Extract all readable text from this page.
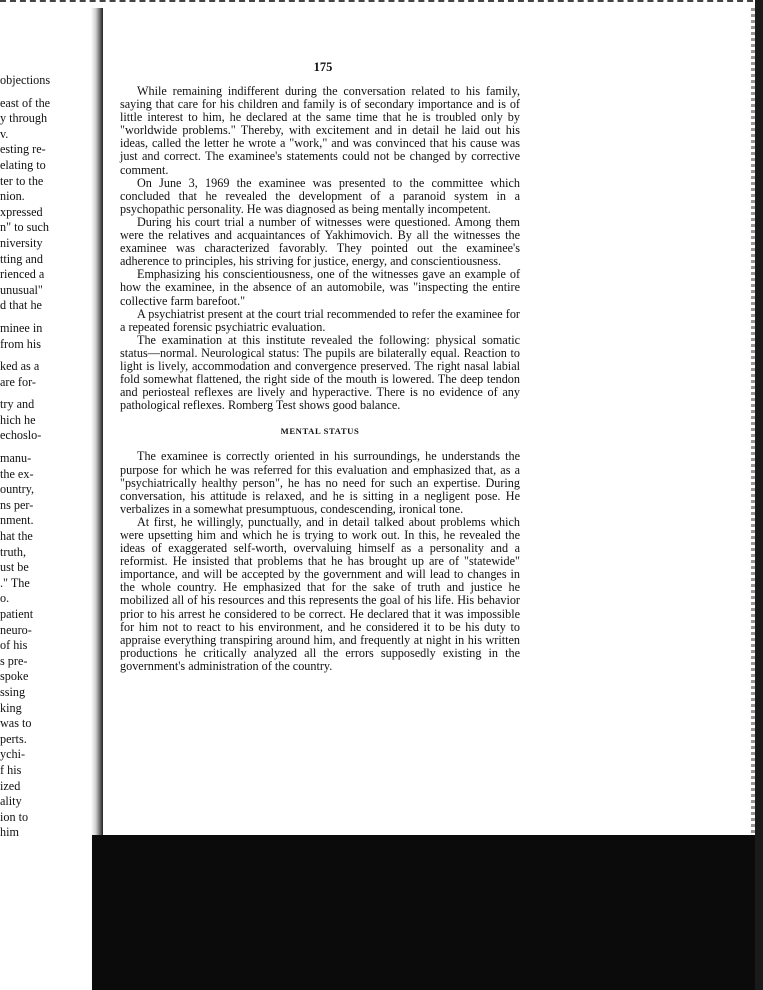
objections
east of the
y through
v.
esting re-
elating to
ter to the
nion.
xpressed
n" to such
niversity
tting and
rienced a
unusual"
d that he
minee in
from his
ked as a
are for-
try and
hich he
echoslo-
manu-
the ex-
ountry,
ns per-
nment.
hat the
truth,
ust be
." The
o.
patient
neuro-
of his
s pre-
spoke
ssing
king
was to
perts.
ychi-
f his
ized
ality
ion to
him
175

While remaining indifferent during the conversation related to his family, saying that care for his children and family is of secondary importance and is of little interest to him, he declared at the same time that he is troubled only by "worldwide problems." Thereby, with excitement and in detail he laid out his ideas, called the letter he wrote a "work," and was convinced that his cause was just and correct. The examinee's statements could not be changed by corrective comment.

On June 3, 1969 the examinee was presented to the committee which concluded that he revealed the development of a paranoid system in a psychopathic personality. He was diagnosed as being mentally incompetent.

During his court trial a number of witnesses were questioned. Among them were the relatives and acquaintances of Yakhimovich. By all the witnesses the examinee was characterized favorably. They pointed out the examinee's adherence to principles, his striving for justice, energy, and conscientiousness.

Emphasizing his conscientiousness, one of the witnesses gave an example of how the examinee, in the absence of an automobile, was "inspecting the entire collective farm barefoot."

A psychiatrist present at the court trial recommended to refer the examinee for a repeated forensic psychiatric evaluation.

The examination at this institute revealed the following: physical somatic status—normal. Neurological status: The pupils are bilaterally equal. Reaction to light is lively, accommodation and convergence preserved. The right nasal labial fold somewhat flattened, the right side of the mouth is lowered. The deep tendon and periosteal reflexes are lively and hyperactive. There is no evidence of any pathological reflexes. Romberg Test shows good balance.

MENTAL STATUS

The examinee is correctly oriented in his surroundings, he understands the purpose for which he was referred for this evaluation and emphasized that, as a "psychiatrically healthy person", he has no need for such an expertise. During conversation, his attitude is relaxed, and he is sitting in a negligent pose. He verbalizes in a somewhat presumptuous, condescending, ironical tone.

At first, he willingly, punctually, and in detail talked about problems which were upsetting him and which he is trying to work out. In this, he revealed the ideas of exaggerated self-worth, overvaluing himself as a personality and a reformist. He insisted that problems that he has brought up are of "statewide" importance, and will be accepted by the government and will lead to changes in the whole country. He emphasized that for the sake of truth and justice he mobilized all of his resources and this represents the goal of his life. His behavior prior to his arrest he considered to be correct. He declared that it was impossible for him not to react to his environment, and he considered it to be his duty to appraise everything transpiring around him, and frequently at night in his written productions he critically analyzed all the errors supposedly existing in the government's administration of the country.
